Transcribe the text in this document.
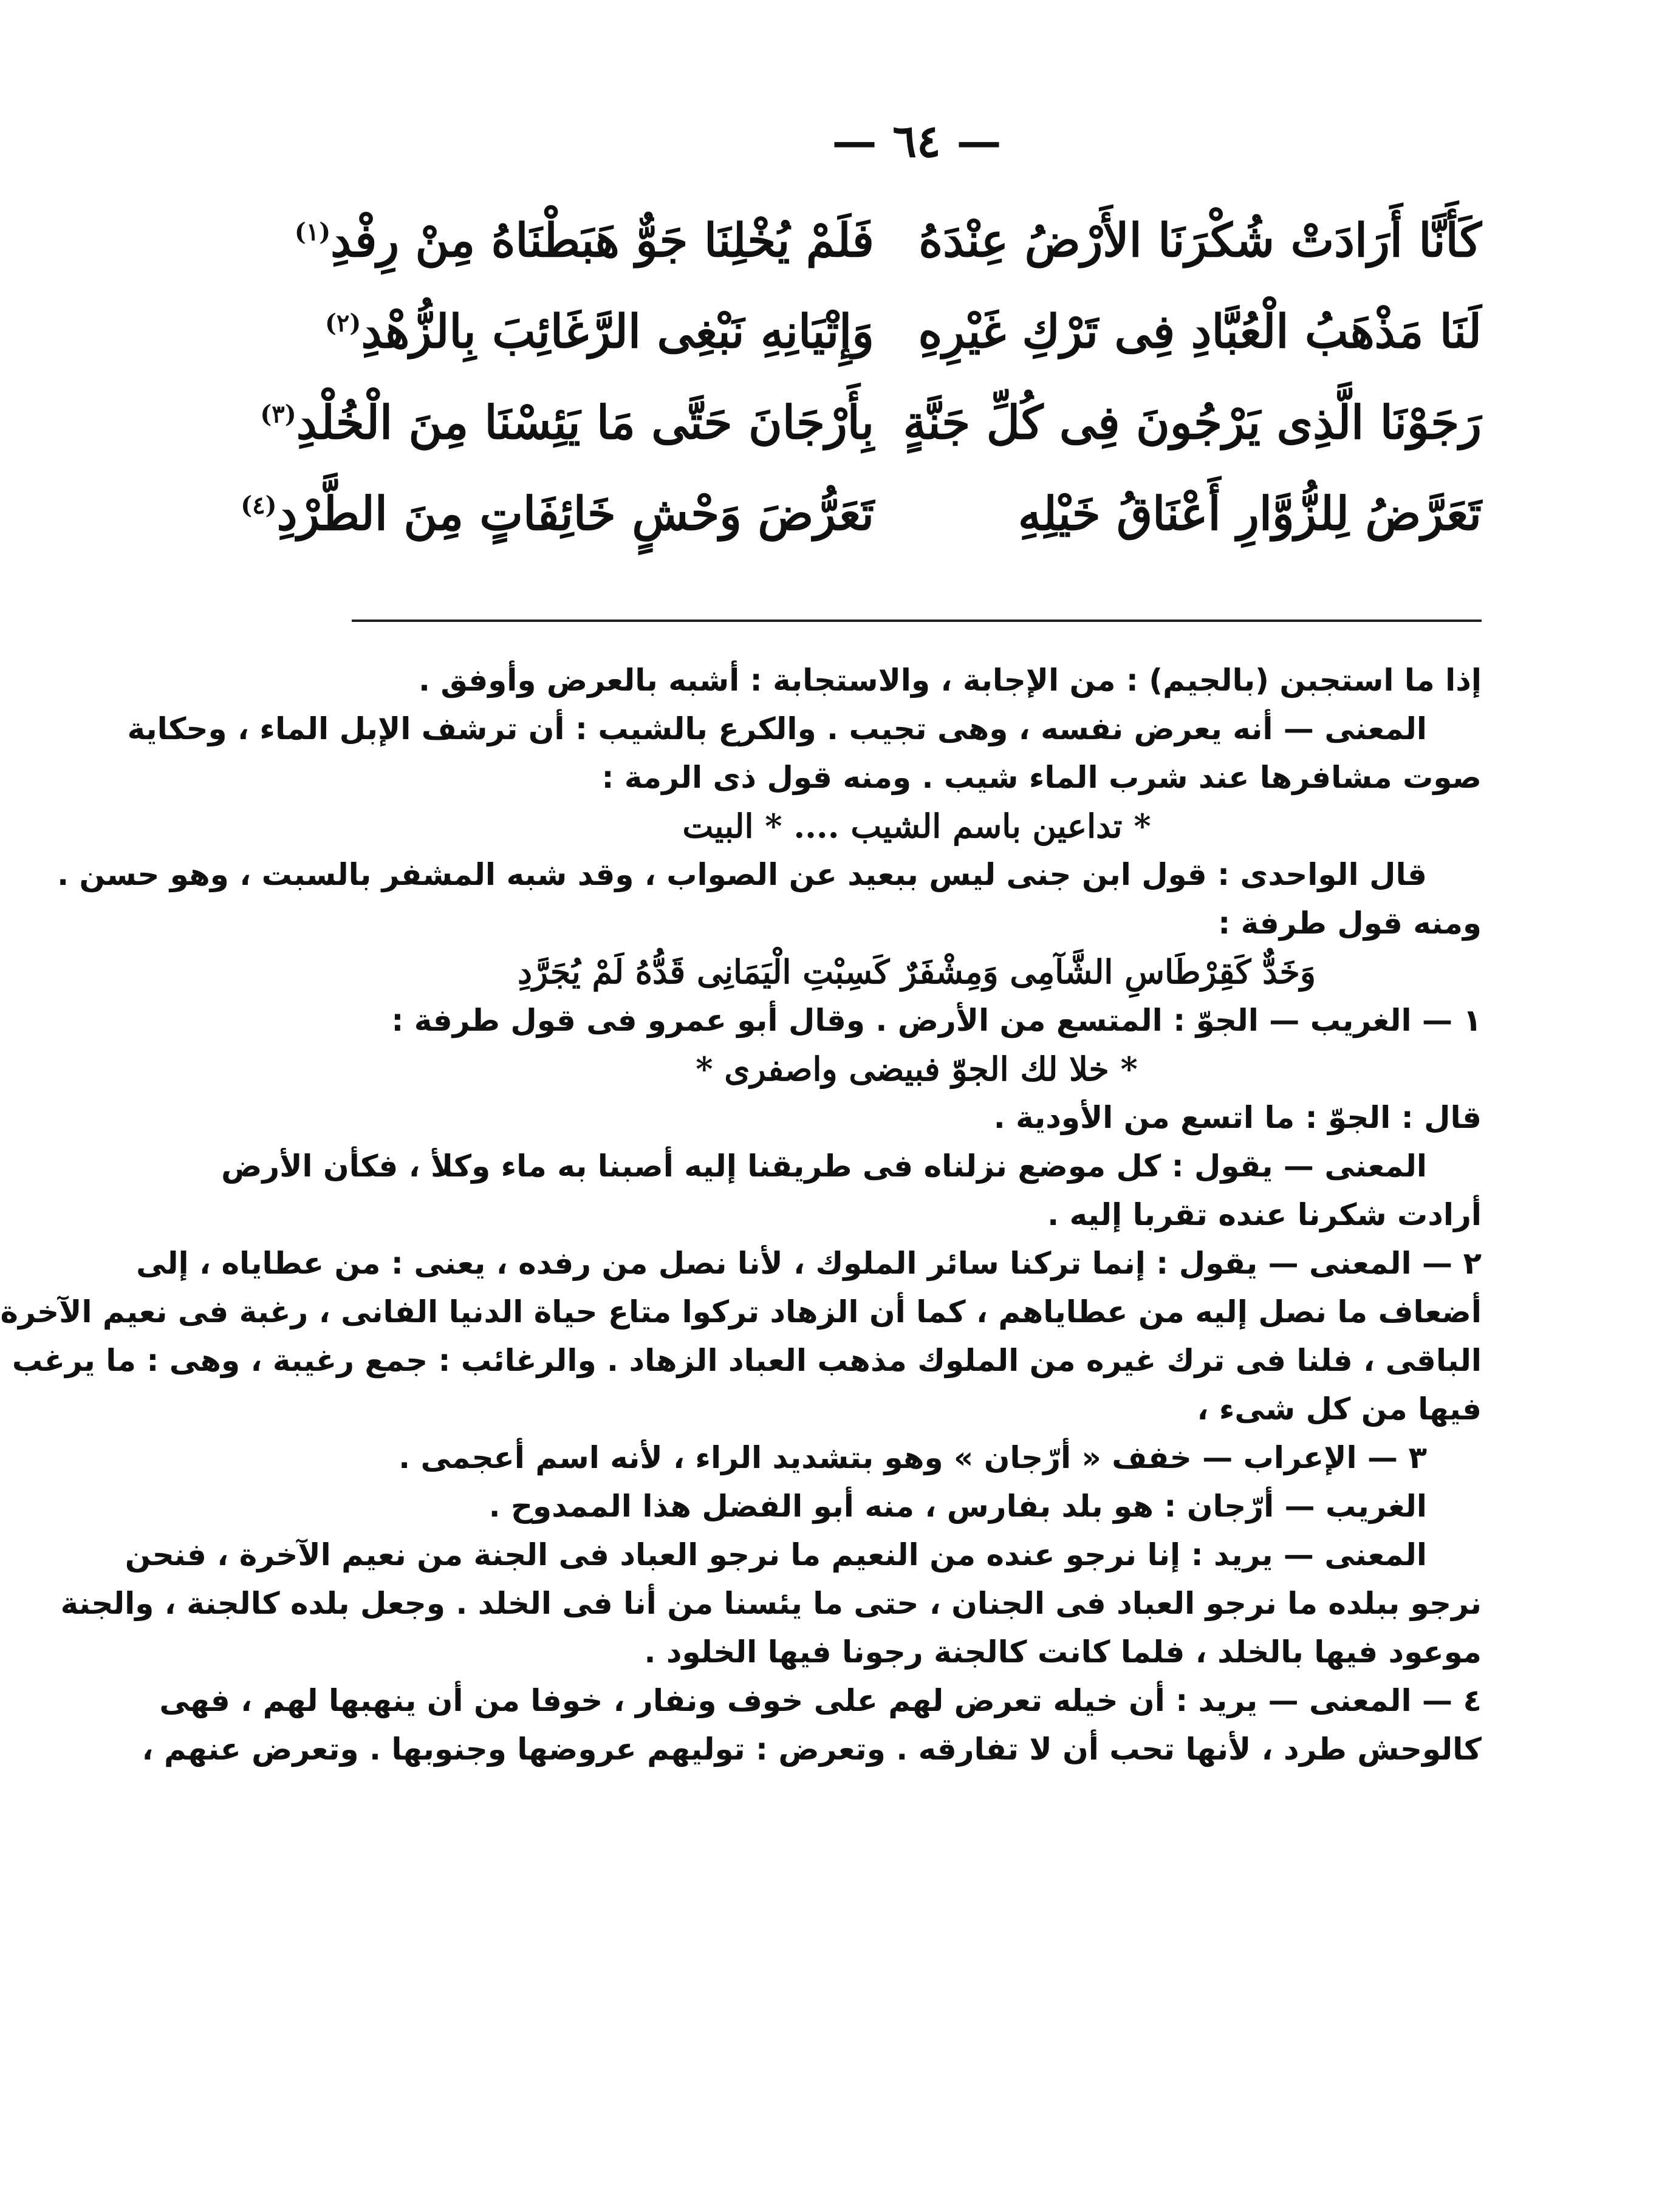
— ٦٤ —
كَأَنَّا أَرَادَتْ شُكْرَنَا الأَرْضُ عِنْدَهُ
فَلَمْ يُخْلِنَا جَوٌّ هَبَطْنَاهُ مِنْ رِفْدِ$^{(١)}$
لَنَا مَذْهَبُ الْعُبَّادِ فِى تَرْكِ غَيْرِهِ
وَإِتْيَانِهِ نَبْغِى الرَّغَائِبَ بِالزُّهْدِ$^{(٢)}$
رَجَوْنَا الَّذِى يَرْجُونَ فِى كُلِّ جَنَّةٍ
بِأَرْجَانَ حَتَّى مَا يَئِسْنَا مِنَ الْخُلْدِ$^{(٣)}$
تَعَرَّضُ لِلزُّوَّارِ أَعْنَاقُ خَيْلِهِ
تَعَرُّضَ وَحْشٍ خَائِفَاتٍ مِنَ الطَّرْدِ$^{(٤)}$
إذا ما استجبن (بالجيم) : من الإجابة ، والاستجابة : أشبه بالعرض وأوفق .
المعنى — أنه يعرض نفسه ، وهى تجيب . والكرع بالشيب : أن ترشف الإبل الماء ، وحكاية
صوت مشافرها عند شرب الماء شيب . ومنه قول ذى الرمة :
* تداعين باسم الشيب .... * البيت
قال الواحدى : قول ابن جنى ليس ببعيد عن الصواب ، وقد شبه المشفر بالسبت ، وهو حسن .
ومنه قول طرفة :
وَخَدٌّ كَقِرْطَاسِ الشَّآمِى وَمِشْفَرٌ كَسِبْتِ الْيَمَانِى قَدُّهُ لَمْ يُجَرَّدِ
١ — الغريب — الجوّ : المتسع من الأرض . وقال أبو عمرو فى قول طرفة :
* خلا لك الجوّ فبيضى واصفرى *
قال : الجوّ : ما اتسع من الأودية .
المعنى — يقول : كل موضع نزلناه فى طريقنا إليه أصبنا به ماء وكلأ ، فكأن الأرض
أرادت شكرنا عنده تقربا إليه .
٢ — المعنى — يقول : إنما تركنا سائر الملوك ، لأنا نصل من رفده ، يعنى : من عطاياه ، إلى
أضعاف ما نصل إليه من عطاياهم ، كما أن الزهاد تركوا متاع حياة الدنيا الفانى ، رغبة فى نعيم الآخرة
الباقى ، فلنا فى ترك غيره من الملوك مذهب العباد الزهاد . والرغائب : جمع رغيبة ، وهى : ما يرغب
فيها من كل شىء ،
٣ — الإعراب — خفف « أرّجان » وهو بتشديد الراء ، لأنه اسم أعجمى .
الغريب — أرّجان : هو بلد بفارس ، منه أبو الفضل هذا الممدوح .
المعنى — يريد : إنا نرجو عنده من النعيم ما نرجو العباد فى الجنة من نعيم الآخرة ، فنحن
نرجو ببلده ما نرجو العباد فى الجنان ، حتى ما يئسنا من أنا فى الخلد . وجعل بلده كالجنة ، والجنة
موعود فيها بالخلد ، فلما كانت كالجنة رجونا فيها الخلود .
٤ — المعنى — يريد : أن خيله تعرض لهم على خوف ونفار ، خوفا من أن ينهبها لهم ، فهى
كالوحش طرد ، لأنها تحب أن لا تفارقه . وتعرض : توليهم عروضها وجنوبها . وتعرض عنهم ،
